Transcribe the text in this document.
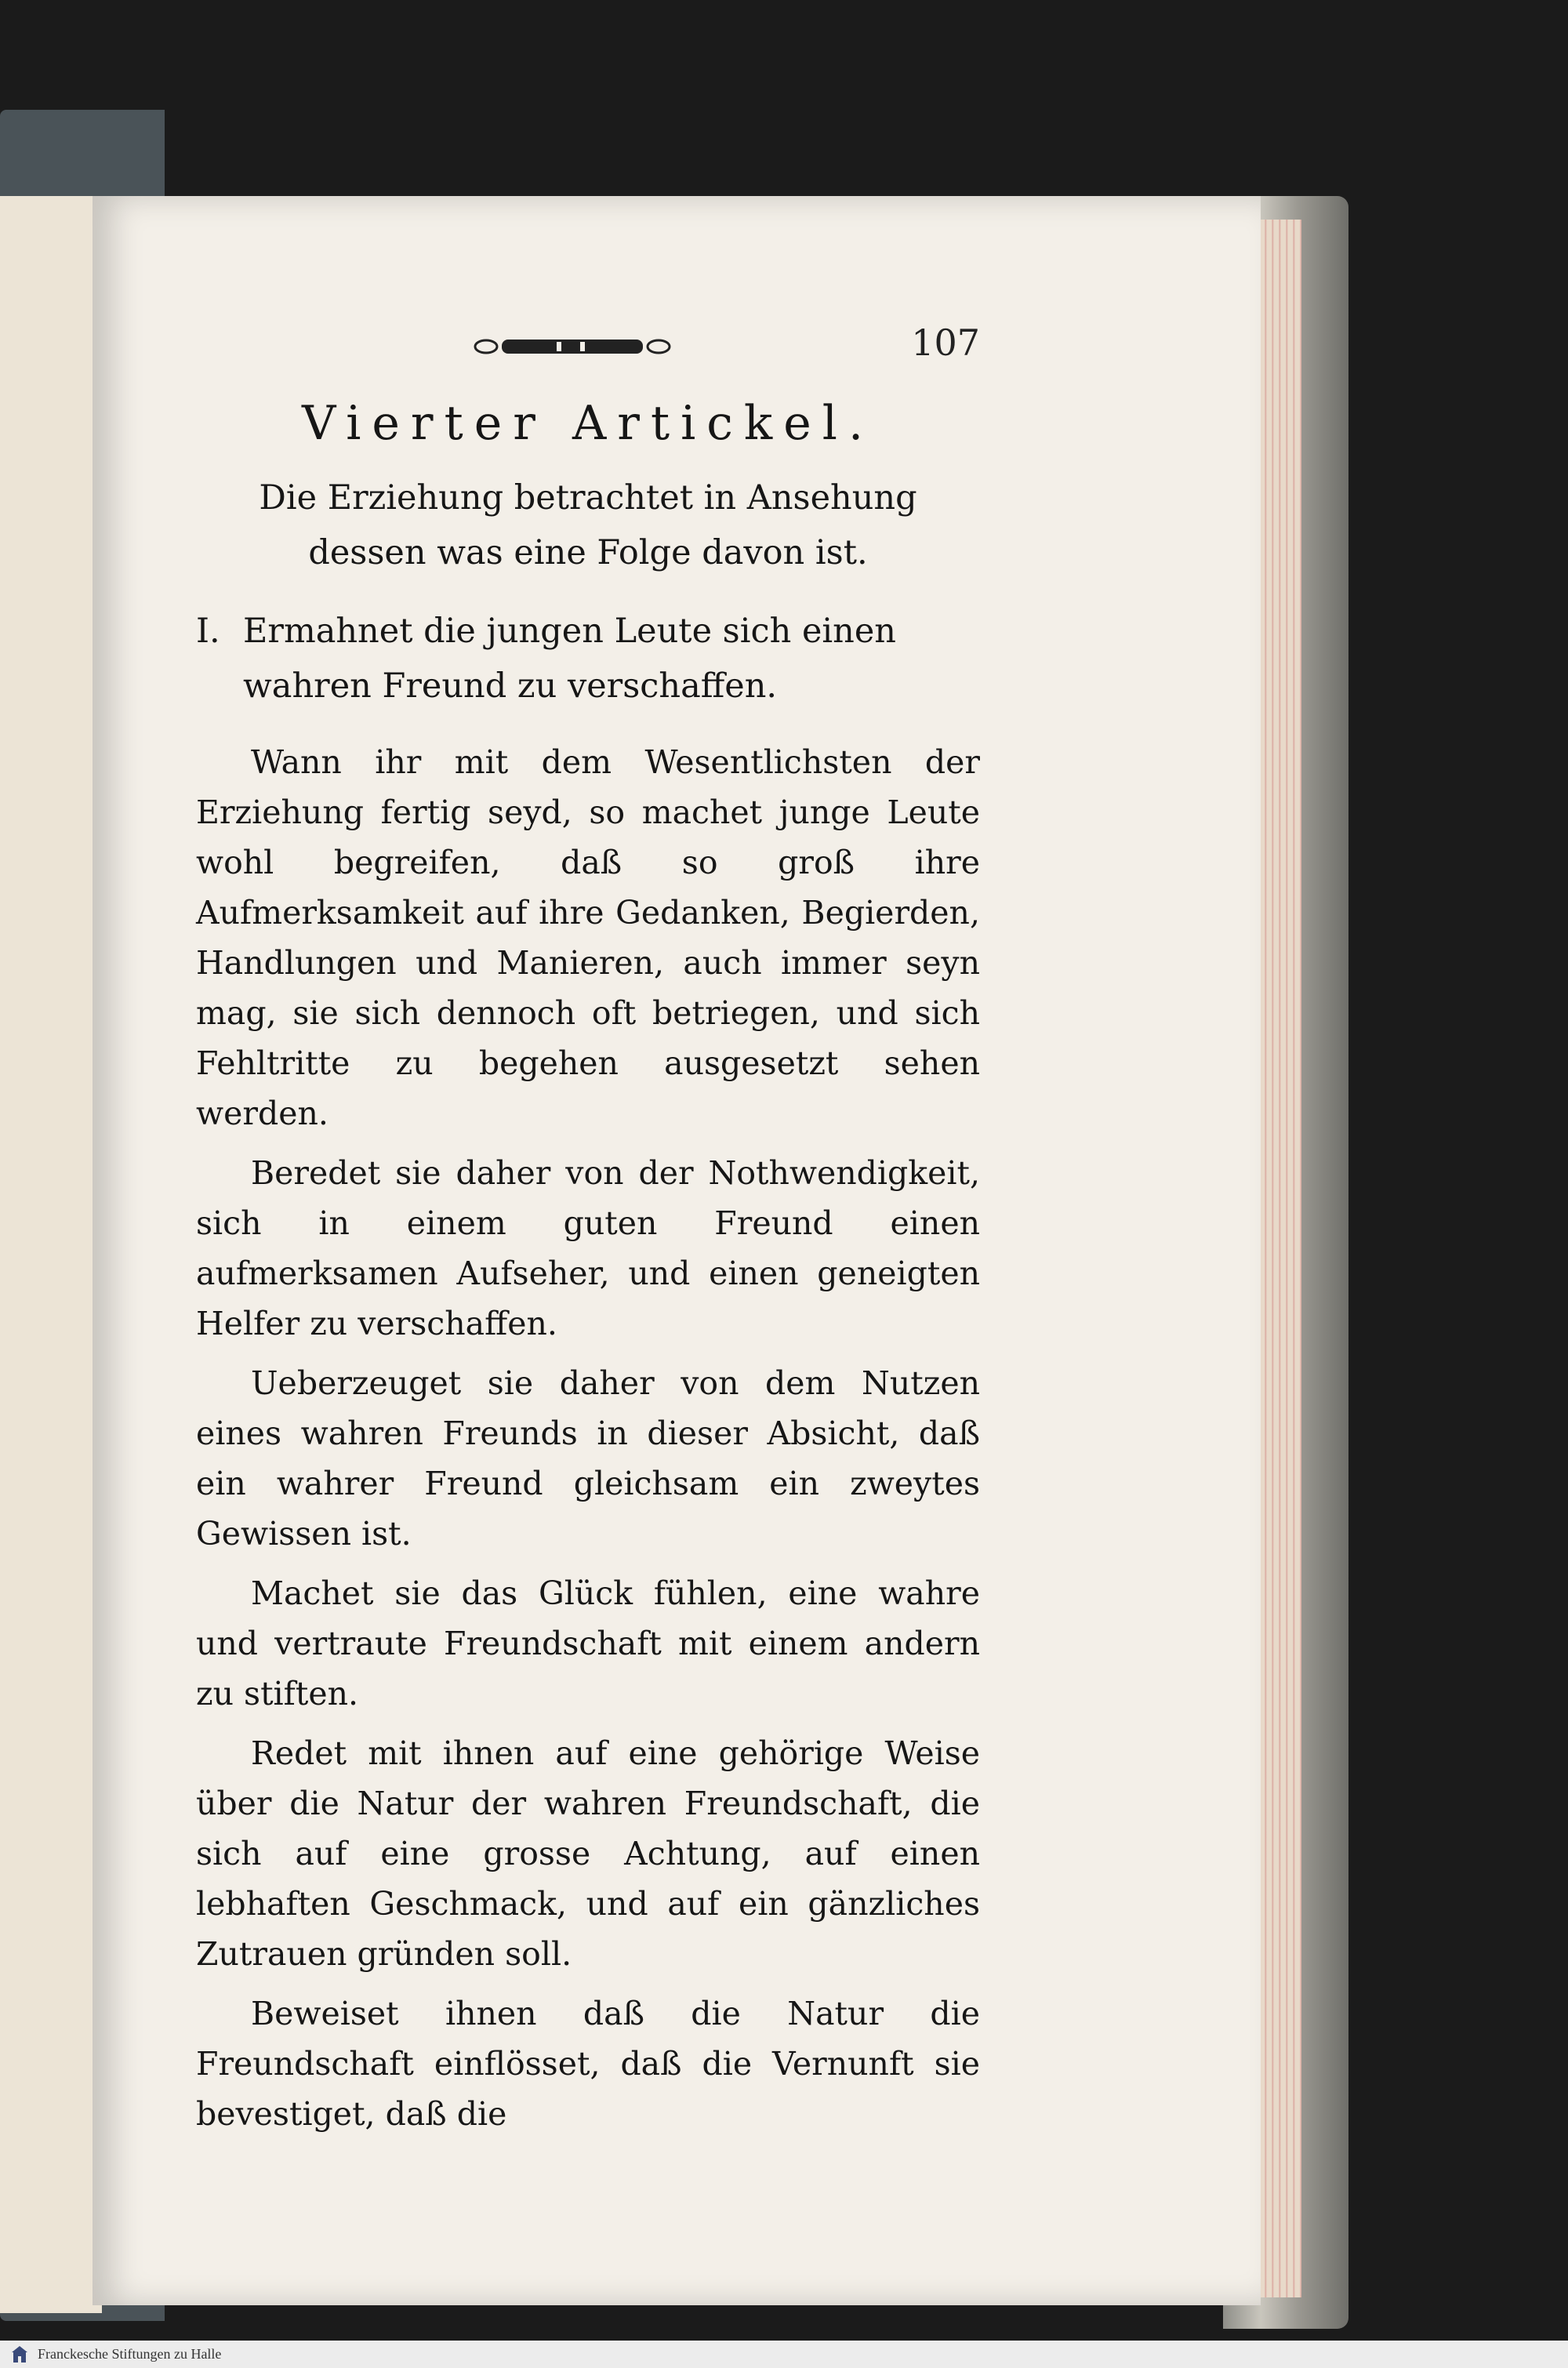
107
Vierter Artickel.
Die Erziehung betrachtet in Ansehung dessen was eine Folge davon ist.
I. Ermahnet die jungen Leute sich einen wahren Freund zu verschaffen.

Wann ihr mit dem Wesentlichsten der Erziehung fertig seyd, so machet junge Leute wohl begreifen, daß so groß ihre Aufmerksamkeit auf ihre Gedanken, Begierden, Handlungen und Manieren, auch immer seyn mag, sie sich dennoch oft betriegen, und sich Fehltritte zu begehen ausgesetzt sehen werden.

Beredet sie daher von der Nothwendigkeit, sich in einem guten Freund einen aufmerksamen Aufseher, und einen geneigten Helfer zu verschaffen.

Ueberzeuget sie daher von dem Nutzen eines wahren Freunds in dieser Absicht, daß ein wahrer Freund gleichsam ein zweytes Gewissen ist.

Machet sie das Glück fühlen, eine wahre und vertraute Freundschaft mit einem andern zu stiften.

Redet mit ihnen auf eine gehörige Weise über die Natur der wahren Freundschaft, die sich auf eine grosse Achtung, auf einen lebhaften Geschmack, und auf ein gänzliches Zutrauen gründen soll.

Beweiset ihnen daß die Natur die Freundschaft einflösset, daß die Vernunft sie bevestiget, daß die

Franckesche Stiftungen zu Halle
